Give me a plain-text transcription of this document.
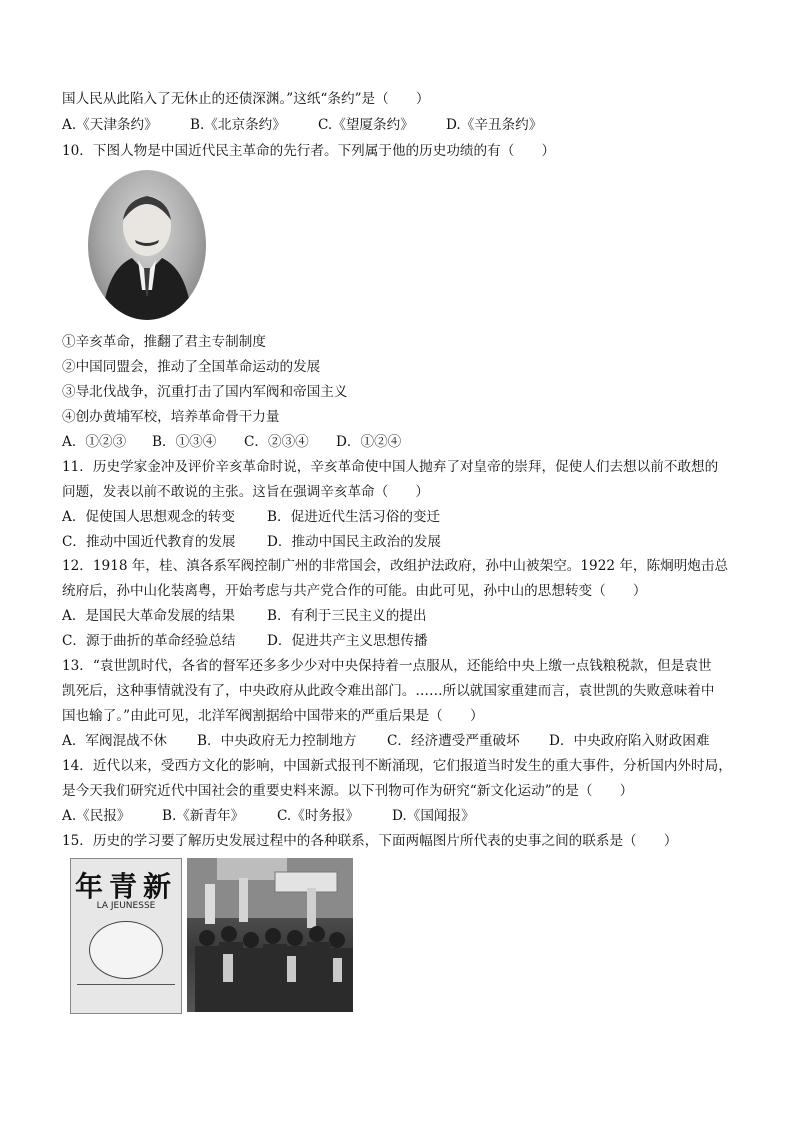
国人民从此陷入了无休止的还债深渊。”这纸“条约”是（　　）
A.《天津条约》 B.《北京条约》 C.《望厦条约》 D.《辛丑条约》
10．下图人物是中国近代民主革命的先行者。下列属于他的历史功绩的有（　　）
①辛亥革命，推翻了君主专制制度
②中国同盟会，推动了全国革命运动的发展
③导北伐战争，沉重打击了国内军阀和帝国主义
④创办黄埔军校，培养革命骨干力量
A．①②③ B．①③④ C．②③④ D．①②④
11．历史学家金冲及评价辛亥革命时说，辛亥革命使中国人抛弃了对皇帝的崇拜，促使人们去想以前不敢想的
问题，发表以前不敢说的主张。这旨在强调辛亥革命（　　）
A．促使国人思想观念的转变 B．促进近代生活习俗的变迁
C．推动中国近代教育的发展 D．推动中国民主政治的发展
12．1918 年，桂、滇各系军阀控制广州的非常国会，改组护法政府，孙中山被架空。1922 年，陈炯明炮击总
统府后，孙中山化装离粤，开始考虑与共产党合作的可能。由此可见，孙中山的思想转变（　　）
A．是国民大革命发展的结果 B．有利于三民主义的提出
C．源于曲折的革命经验总结 D．促进共产主义思想传播
13．“袁世凯时代，各省的督军还多多少少对中央保持着一点服从，还能给中央上缴一点钱粮税款，但是袁世
凯死后，这种事情就没有了，中央政府从此政令难出部门。……所以就国家重建而言，袁世凯的失败意味着中
国也输了。”由此可见，北洋军阀割据给中国带来的严重后果是（　　）
A．军阀混战不休 B．中央政府无力控制地方 C．经济遭受严重破坏 D．中央政府陷入财政困难
14．近代以来，受西方文化的影响，中国新式报刊不断涌现，它们报道当时发生的重大事件，分析国内外时局，
是今天我们研究近代中国社会的重要史料来源。以下刊物可作为研究“新文化运动”的是（　　）
A.《民报》 B.《新青年》 C.《时务报》 D.《国闻报》
15．历史的学习要了解历史发展过程中的各种联系，下面两幅图片所代表的史事之间的联系是（　　）
年青新
LA JEUNESSE
